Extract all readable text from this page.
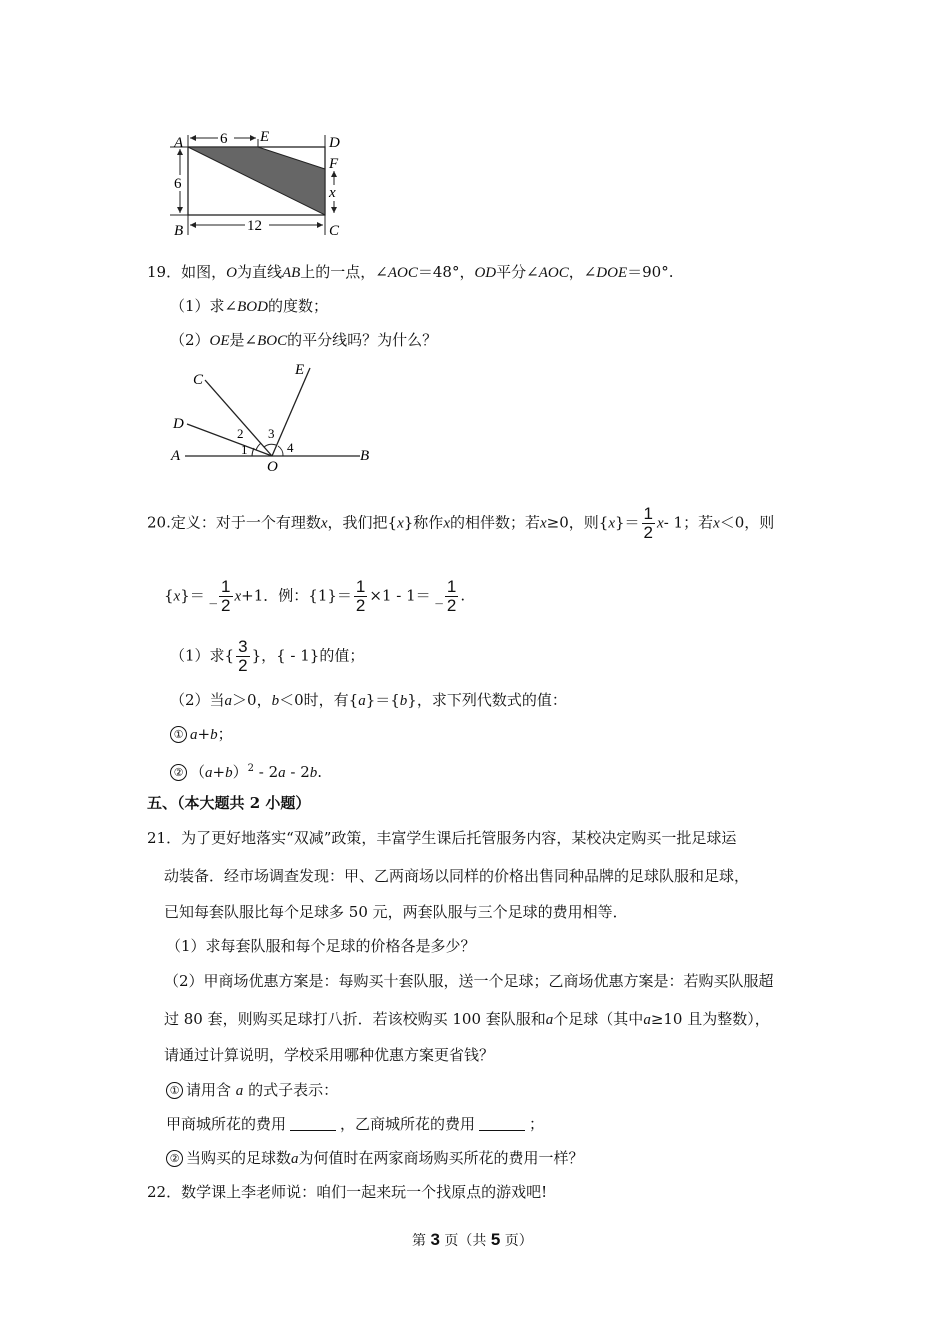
6
6
12
x
A	E	D
F
B	C
19．如图，O为直线AB上的一点，∠AOC＝48°，OD平分∠AOC，∠DOE＝90°.
（1）求∠BOD的度数；
（2）OE是∠BOC的平分线吗？为什么？
C
E
D
A
O
B
1
2 3
4
20.定义：对于一个有理数x，我们把{x}称作x的相伴数；若x≥0，则$\{x\}= \frac{1}{2} x-$ 1；若x＜0，则
{x}＝ _ $\frac{1}{2} x+1$．例：$\{1\}= \frac{1}{2} \times 1 - 1=$ _ $\frac{1}{2}$ .
（1）求{ $\frac{3}{2}$ }，{ - 1}的值；
（2）当a＞0，b＜0时，有{a}＝{b}，求下列代数式的值：
① a+b；
② $(a+b)^2 - 2a - 2b$.
五、（本大题共 2 小题）
21．为了更好地落实“双减”政策，丰富学生课后托管服务内容，某校决定购买一批足球运
动装备．经市场调查发现：甲、乙两商场以同样的价格出售同种品牌的足球队服和足球，
已知每套队服比每个足球多 50 元，两套队服与三个足球的费用相等．
（1）求每套队服和每个足球的价格各是多少？
（2）甲商场优惠方案是：每购买十套队服，送一个足球；乙商场优惠方案是：若购买队服超
过 80 套，则购买足球打八折．若该校购买 100 套队服和a个足球（其中a≥10 且为整数），
请通过计算说明，学校采用哪种优惠方案更省钱？
① 请用含 a 的式子表示：
甲商城所花的费用	，乙商城所花的费用	；
② 当购买的足球数a为何值时在两家商场购买所花的费用一样？
22．数学课上李老师说：咱们一起来玩一个找原点的游戏吧!
第 3 页（共 5 页）
